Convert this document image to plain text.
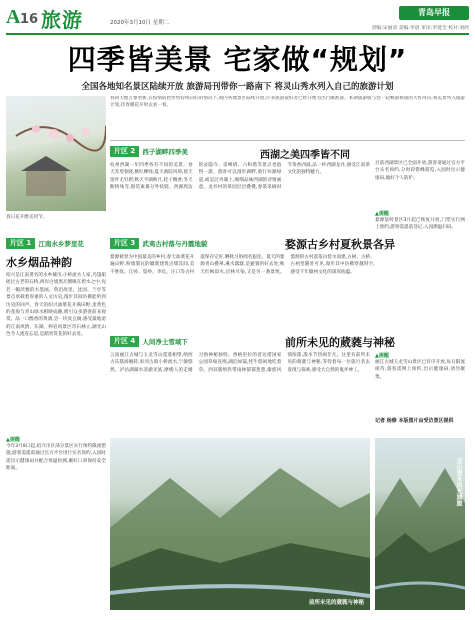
A 16 旅游	2020年3月10日 星期二
青岛早报
责编:宋丽清 美编:李晨 审读:李建全 校对:刘欣
四季皆美景 宅家做“规划”
全国各地知名景区陆续开放 旅游局刊带你一路南下 将灵山秀水列入自己的旅游计划
春回大地万象更新,在疫情防控形势持续向好的情况下,国内各地景区陆续开放,许多旅游爱好者已经开始为出行做准备。本期旅游版与您一起畅游祖国的大好河山,将美景列入旅游计划,待春暖花开时去看一看。
春日花开醉美时节。
片区 1	江南水乡梦里花
水乡烟品神韵
绍兴是江南著名的水乡城市,小桥流水人家,乌篷船摇过古老的石桥,两岸白墙黑瓦倒映在碧水之中,宛若一幅淡雅的水墨画。鲁迅故里、沈园、兰亭等景点承载着厚重的人文历史,漫步其间仿佛能听到历史的回声。春天的绍兴油菜花开满田野,金黄色的花海与青山绿水相映成趣,吸引众多游客前来观赏。品一口醇香的黄酒,尝一块臭豆腐,感受最地道的江南风情。东湖、柯岩风景区奇石林立,湖光山色令人流连忘返,是踏青赏花的好去处。
▲提醒
今年3月8日起,绍兴市区部分景区实行预约限流措施,游客需提前通过官方平台进行实名预约,入园时需出示健康码并配合体温检测,戴好口罩保持安全距离。
片区 2	西子湖畔四季美	西湖之美四季皆不同
杭州西湖一年四季各有不同的美景。春天苏堤春晓,桃红柳绿;夏天曲院风荷,接天莲叶无穷碧;秋天平湖秋月,桂子飘香;冬天断桥残雪,银装素裹分外妖娆。西湖周边的灵隐寺、雷峰塔、六和塔等景点也值得一游。游客可以漫步湖畔,骑行环湖绿道,或是泛舟湖上,细细品味西湖的诗情画意。龙井村的茶园层层叠叠,春茶采摘时节茶香四溢,品一杯西湖龙井,感受江南茶文化的独特魅力。
目前西湖景区已全面开放,游客请通过官方平台实名预约,分时段错峰游览,入园时出示健康码,做好个人防护。
▲提醒
婺源篁岭景区3月起已恢复开放,门票实行网上预约,游客需提前登记,入园测温扫码。
片区 3	武夷古村落与丹霞地貌	婺源古乡村夏秋景各异
婺源被誉为中国最美的乡村,春天油菜花开遍山野,粉墙黛瓦的徽派建筑点缀其间,美不胜收。江岭、篁岭、李坑、汪口等古村落保存完好,晒秋习俗闻名遐迩。夏天的婺源青山叠翠,溪水潺潺,是避暑的好去处;秋天红枫似火,层林尽染,又是另一番景致。婺源的古村落依山傍水而建,古树、古桥、古祠堂随处可见,漫步其中仿佛穿越时空,感受千年徽州文化的深厚底蕴。
片区 4	人间净土雪域下	前所未见的葳蕤与神秘
云南丽江古城与玉龙雪山遥遥相望,纳西古乐悠扬婉转,束河古镇小桥流水,宁静悠然。泸沽湖湖水清澈见底,摩梭人的走婚习俗神秘独特。香格里拉的普达措国家公园草甸连绵,湖泊如镜,牦牛悠闲地吃着草。西双版纳热带雨林郁郁葱葱,傣族风情浓郁,泼水节热闹非凡。这里有前所未见的葳蕤与神秘,等待着每一位旅行者去发现与探索,感受大自然的鬼斧神工。
▲提醒
丽江古城玉龙雪山景区已有序开放,每日限流接待,游客需网上预约,出示健康码,请勿聚集。
记者 杨修 本版图片由受访景区提供
灵山秀水风光旖旎
前所未见的葳蕤与神秘
